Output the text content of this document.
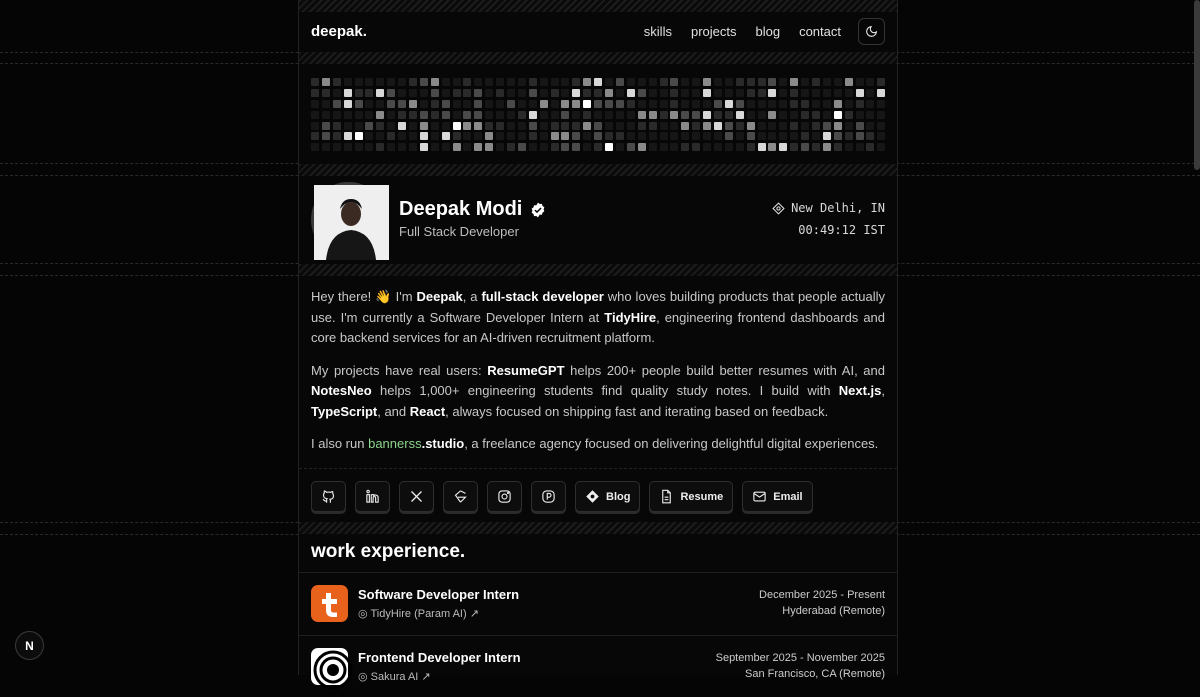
deepak.	skills projects blog contact
Deepak Modi
Full Stack Developer
New Delhi, IN
00:49:12 IST

Hey there! 👋 I'm Deepak, a full-stack developer who loves building products that people actually use. I'm currently a Software Developer Intern at TidyHire, engineering frontend dashboards and core backend services for an AI-driven recruitment platform.

My projects have real users: ResumeGPT helps 200+ people build better resumes with AI, and NotesNeo helps 1,000+ engineering students find quality study notes. I build with Next.js, TypeScript, and React, always focused on shipping fast and iterating based on feedback.

I also run bannerss.studio, a freelance agency focused on delivering delightful digital experiences.

Blog	Resume	Email
work experience.
Software Developer Intern
◎ TidyHire (Param AI) ↗
December 2025 - Present
Hyderabad (Remote)
Frontend Developer Intern
◎ Sakura AI ↗
September 2025 - November 2025
San Francisco, CA (Remote)
N
